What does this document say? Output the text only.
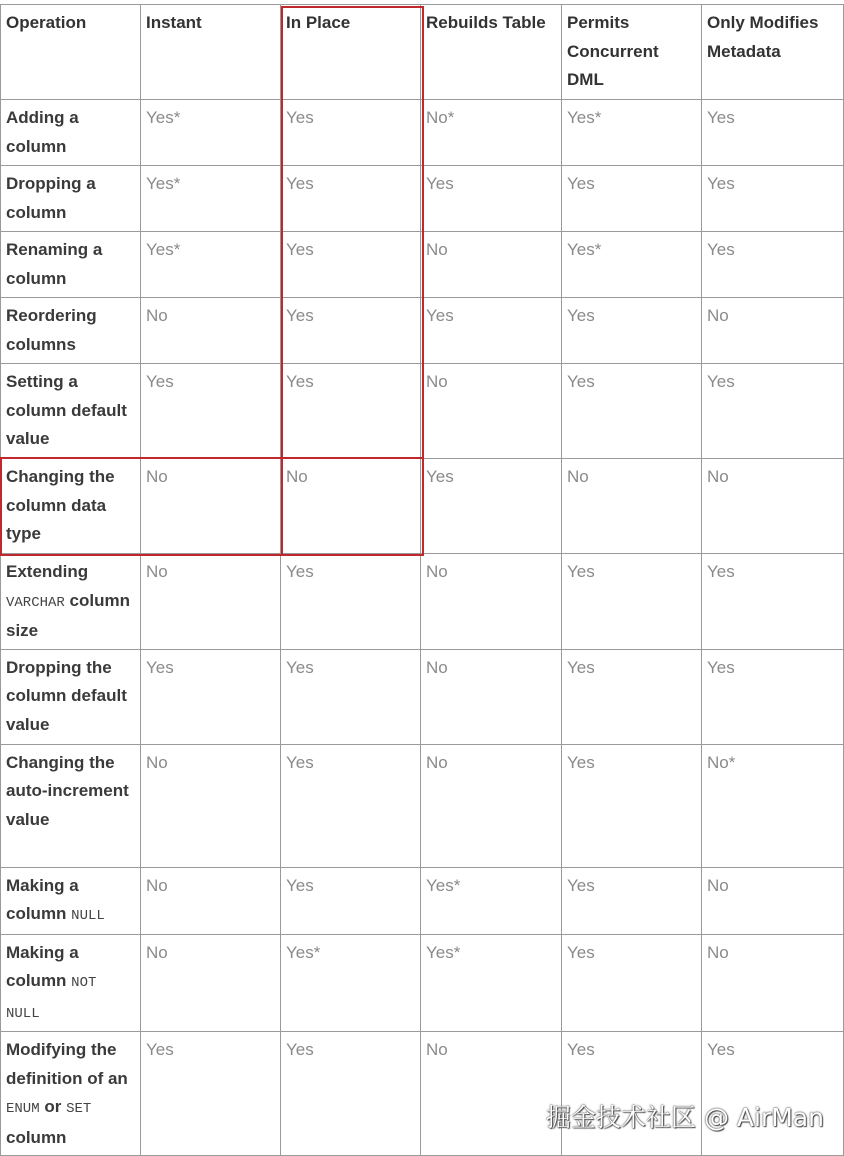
Operation	Instant	In Place	Rebuilds Table	Permits Concurrent DML	Only Modifies Metadata
Adding a column	Yes*	Yes	No*	Yes*	Yes
Dropping a column	Yes*	Yes	Yes	Yes	Yes
Renaming a column	Yes*	Yes	No	Yes*	Yes
Reordering columns	No	Yes	Yes	Yes	No
Setting a column default value	Yes	Yes	No	Yes	Yes
Changing the column data type	No	No	Yes	No	No
Extending VARCHAR column size	No	Yes	No	Yes	Yes
Dropping the column default value	Yes	Yes	No	Yes	Yes
Changing the auto-increment value	No	Yes	No	Yes	No*
Making a column NULL	No	Yes	Yes*	Yes	No
Making a column NOT NULL	No	Yes*	Yes*	Yes	No
Modifying the definition of an ENUM or SET column	Yes	Yes	No	Yes	Yes
掘金技术社区 @ AirMan
